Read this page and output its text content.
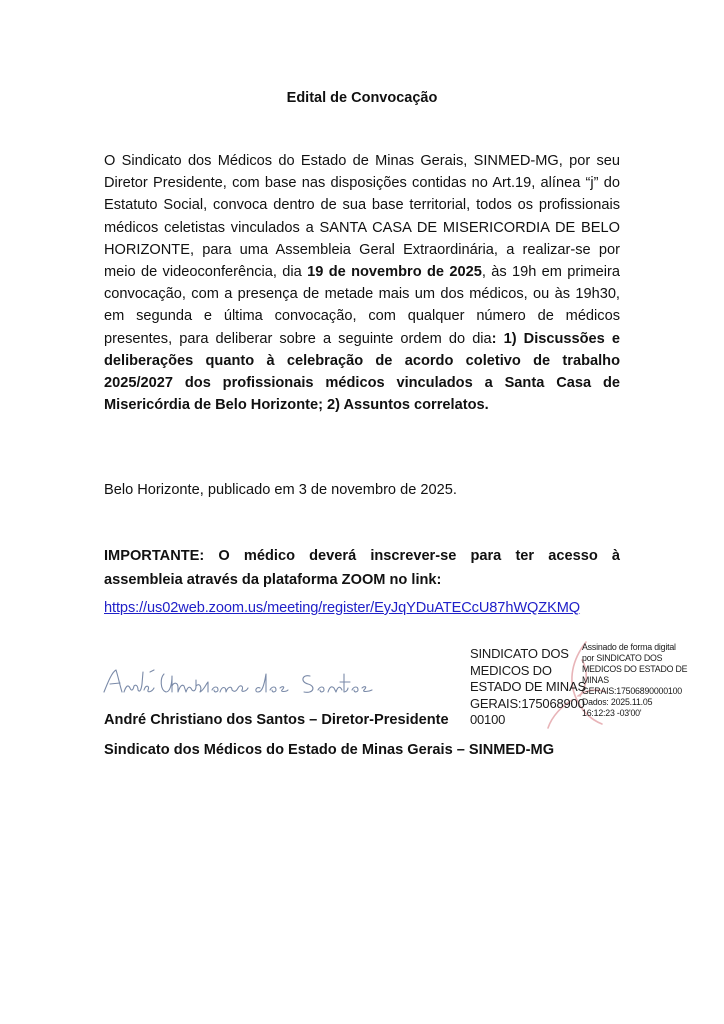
Edital de Convocação
O Sindicato dos Médicos do Estado de Minas Gerais, SINMED-MG, por seu Diretor Presidente, com base nas disposições contidas no Art.19, alínea “j” do Estatuto Social, convoca dentro de sua base territorial, todos os profissionais médicos celetistas vinculados a SANTA CASA DE MISERICORDIA DE BELO HORIZONTE, para uma Assembleia Geral Extraordinária, a realizar-se por meio de videoconferência, dia 19 de novembro de 2025, às 19h em primeira convocação, com a presença de metade mais um dos médicos, ou às 19h30, em segunda e última convocação, com qualquer número de médicos presentes, para deliberar sobre a seguinte ordem do dia: 1) Discussões e deliberações quanto à celebração de acordo coletivo de trabalho 2025/2027 dos profissionais médicos vinculados a Santa Casa de Misericórdia de Belo Horizonte; 2) Assuntos correlatos.
Belo Horizonte, publicado em 3 de novembro de 2025.
IMPORTANTE: O médico deverá inscrever-se para ter acesso à assembleia através da plataforma ZOOM no link:
https://us02web.zoom.us/meeting/register/EyJqYDuATECcU87hWQZKMQ
André Christiano dos Santos – Diretor-Presidente
Sindicato dos Médicos do Estado de Minas Gerais – SINMED-MG
SINDICATO DOS
MEDICOS DO
ESTADO DE MINAS
GERAIS:175068900
00100
Assinado de forma digital
por SINDICATO DOS
MEDICOS DO ESTADO DE
MINAS
GERAIS:17506890000100
Dados: 2025.11.05
16:12:23 -03'00'
